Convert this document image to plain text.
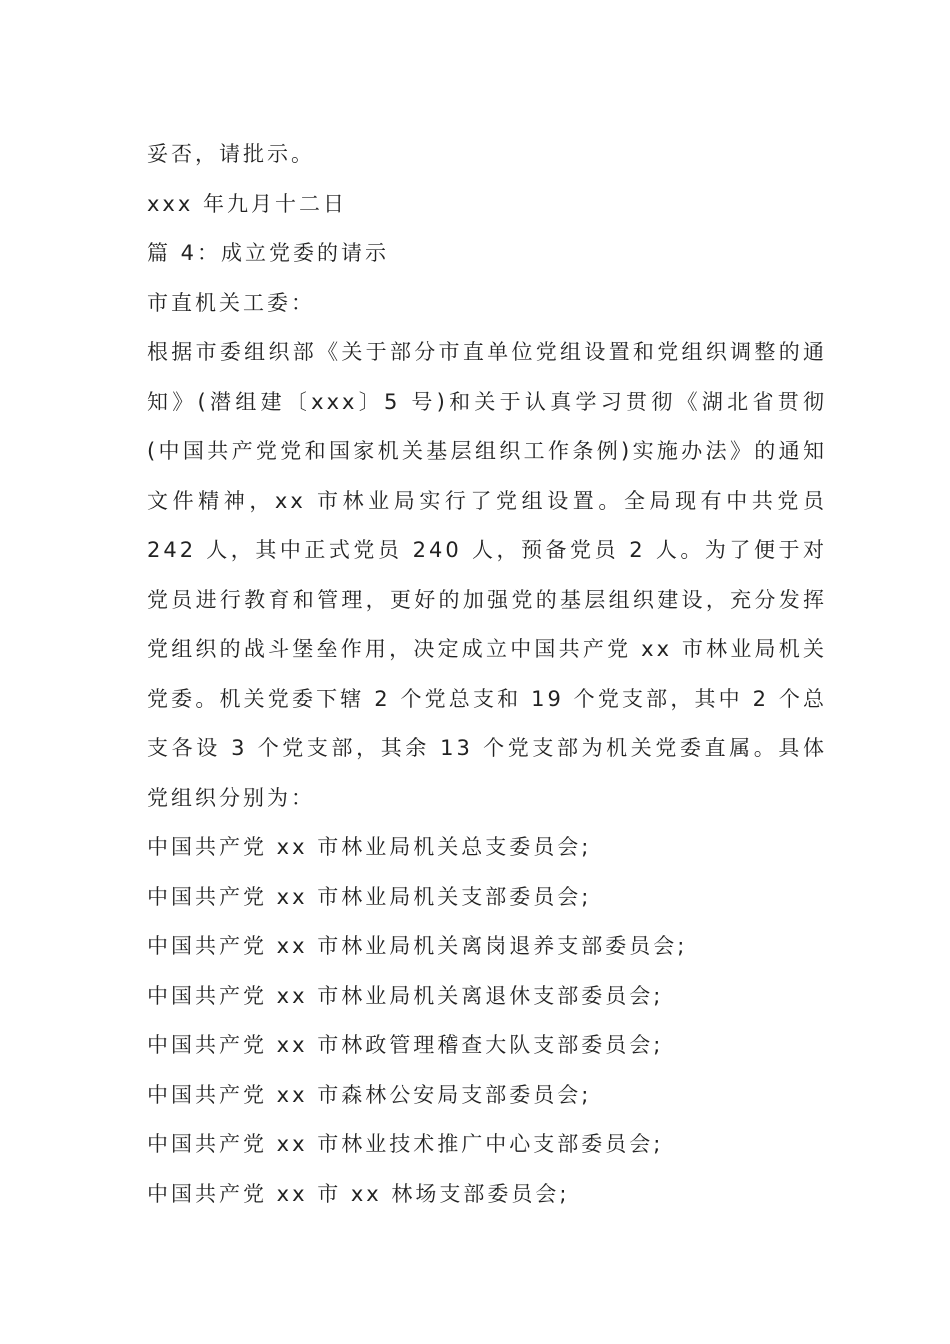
妥否，请批示。

xxx 年九月十二日

篇 4：成立党委的请示

市直机关工委：

根据市委组织部《关于部分市直单位党组设置和党组织调整的通知》(潜组建〔xxx〕5 号)和关于认真学习贯彻《湖北省贯彻(中国共产党党和国家机关基层组织工作条例)实施办法》的通知文件精神，xx 市林业局实行了党组设置。全局现有中共党员 242 人，其中正式党员 240 人，预备党员 2 人。为了便于对党员进行教育和管理，更好的加强党的基层组织建设，充分发挥党组织的战斗堡垒作用，决定成立中国共产党 xx 市林业局机关党委。机关党委下辖 2 个党总支和 19 个党支部，其中 2 个总支各设 3 个党支部，其余 13 个党支部为机关党委直属。具体党组织分别为：

中国共产党 xx 市林业局机关总支委员会;

中国共产党 xx 市林业局机关支部委员会;

中国共产党 xx 市林业局机关离岗退养支部委员会;

中国共产党 xx 市林业局机关离退休支部委员会;

中国共产党 xx 市林政管理稽查大队支部委员会;

中国共产党 xx 市森林公安局支部委员会;

中国共产党 xx 市林业技术推广中心支部委员会;

中国共产党 xx 市 xx 林场支部委员会;
